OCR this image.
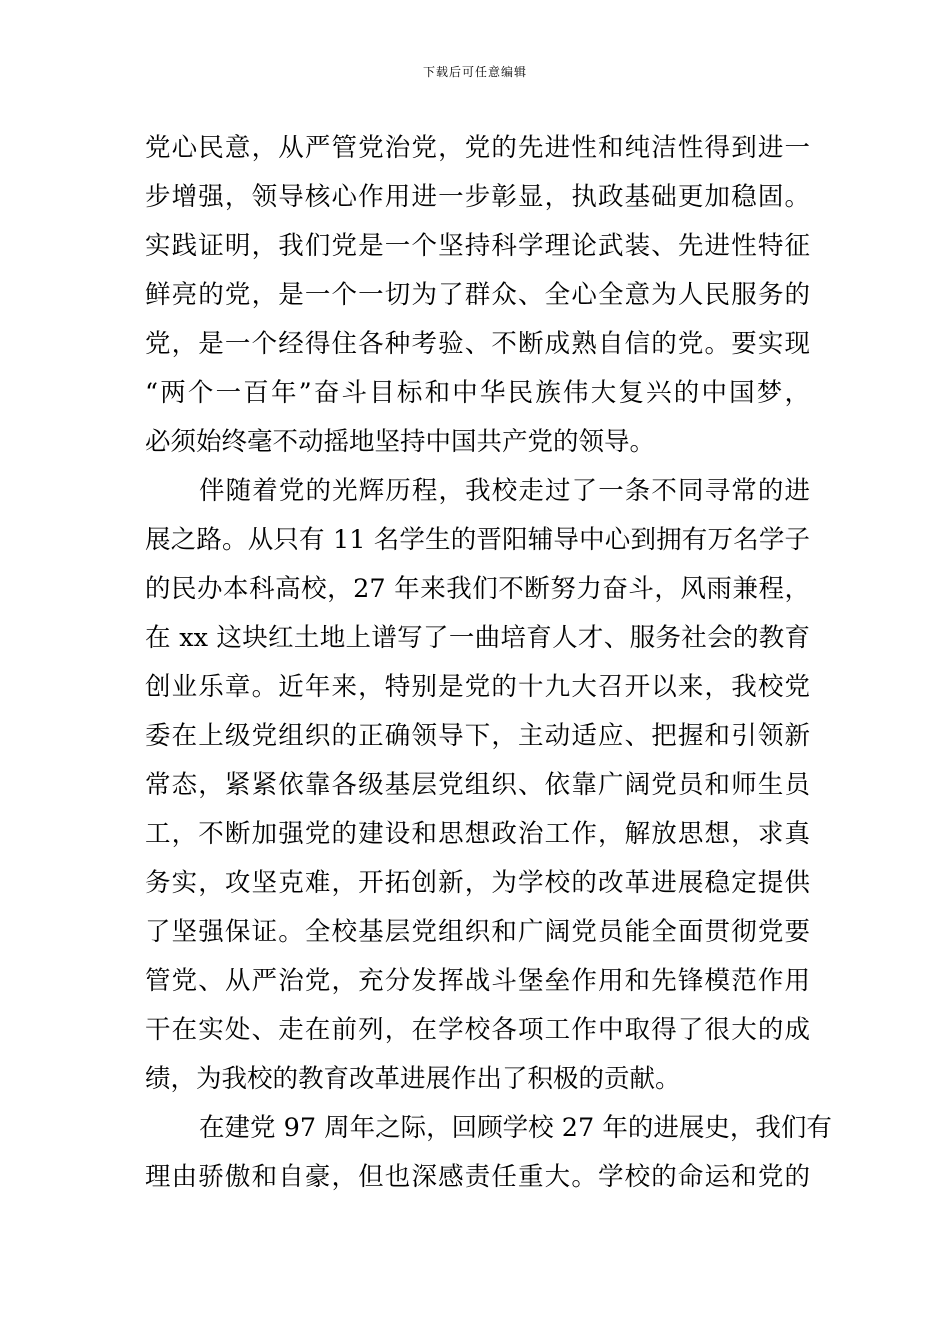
下载后可任意编辑
党心民意，从严管党治党，党的先进性和纯洁性得到进一
步增强，领导核心作用进一步彰显，执政基础更加稳固。
实践证明，我们党是一个坚持科学理论武装、先进性特征
鲜亮的党，是一个一切为了群众、全心全意为人民服务的
党，是一个经得住各种考验、不断成熟自信的党。要实现
“两个一百年”奋斗目标和中华民族伟大复兴的中国梦，
必须始终毫不动摇地坚持中国共产党的领导。
伴随着党的光辉历程，我校走过了一条不同寻常的进
展之路。从只有 11 名学生的晋阳辅导中心到拥有万名学子
的民办本科高校，27 年来我们不断努力奋斗，风雨兼程，
在 xx 这块红土地上谱写了一曲培育人才、服务社会的教育
创业乐章。近年来，特别是党的十九大召开以来，我校党
委在上级党组织的正确领导下，主动适应、把握和引领新
常态，紧紧依靠各级基层党组织、依靠广阔党员和师生员
工，不断加强党的建设和思想政治工作，解放思想，求真
务实，攻坚克难，开拓创新，为学校的改革进展稳定提供
了坚强保证。全校基层党组织和广阔党员能全面贯彻党要
管党、从严治党，充分发挥战斗堡垒作用和先锋模范作用
干在实处、走在前列，在学校各项工作中取得了很大的成
绩，为我校的教育改革进展作出了积极的贡献。
在建党 97 周年之际，回顾学校 27 年的进展史，我们有
理由骄傲和自豪，但也深感责任重大。学校的命运和党的
